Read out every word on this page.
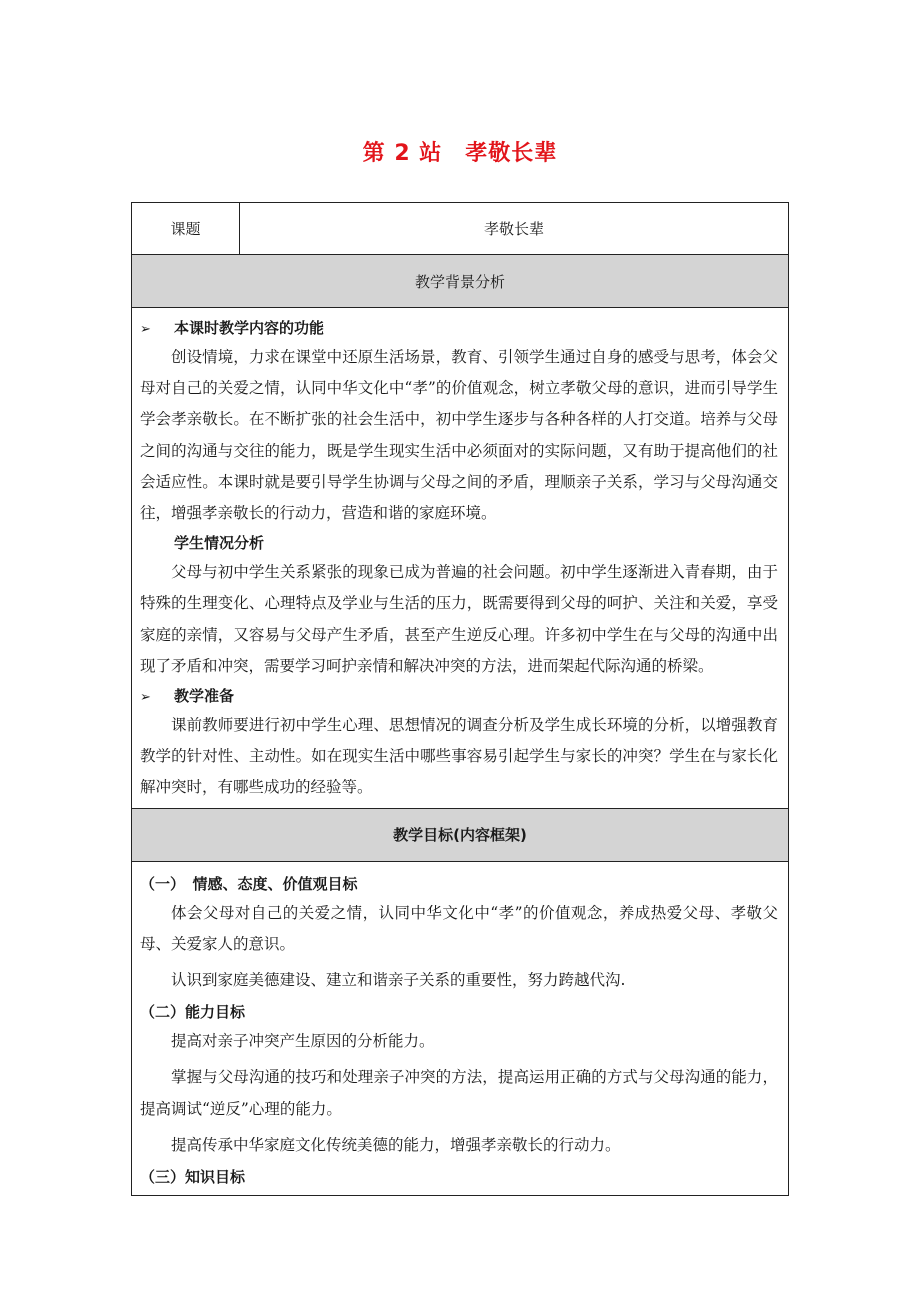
第 2 站　孝敬长辈
课题	孝敬长辈
教学背景分析

➢ 本课时教学内容的功能

创设情境，力求在课堂中还原生活场景，教育、引领学生通过自身的感受与思考，体会父母对自己的关爱之情，认同中华文化中“孝”的价值观念，树立孝敬父母的意识，进而引导学生学会孝亲敬长。在不断扩张的社会生活中，初中学生逐步与各种各样的人打交道。培养与父母之间的沟通与交往的能力，既是学生现实生活中必须面对的实际问题，又有助于提高他们的社会适应性。本课时就是要引导学生协调与父母之间的矛盾，理顺亲子关系，学习与父母沟通交往，增强孝亲敬长的行动力，营造和谐的家庭环境。

学生情况分析

父母与初中学生关系紧张的现象已成为普遍的社会问题。初中学生逐渐进入青春期，由于特殊的生理变化、心理特点及学业与生活的压力，既需要得到父母的呵护、关注和关爱，享受家庭的亲情，又容易与父母产生矛盾，甚至产生逆反心理。许多初中学生在与父母的沟通中出现了矛盾和冲突，需要学习呵护亲情和解决冲突的方法，进而架起代际沟通的桥梁。

➢ 教学准备

课前教师要进行初中学生心理、思想情况的调查分析及学生成长环境的分析，以增强教育教学的针对性、主动性。如在现实生活中哪些事容易引起学生与家长的冲突？学生在与家长化解冲突时，有哪些成功的经验等。

教学目标(内容框架)

（一）　情感、态度、价值观目标

体会父母对自己的关爱之情，认同中华文化中“孝”的价值观念，养成热爱父母、孝敬父母、关爱家人的意识。

认识到家庭美德建设、建立和谐亲子关系的重要性，努力跨越代沟.

（二）能力目标

提高对亲子冲突产生原因的分析能力。

掌握与父母沟通的技巧和处理亲子冲突的方法，提高运用正确的方式与父母沟通的能力，提高调试“逆反”心理的能力。

提高传承中华家庭文化传统美德的能力，增强孝亲敬长的行动力。

（三）知识目标
